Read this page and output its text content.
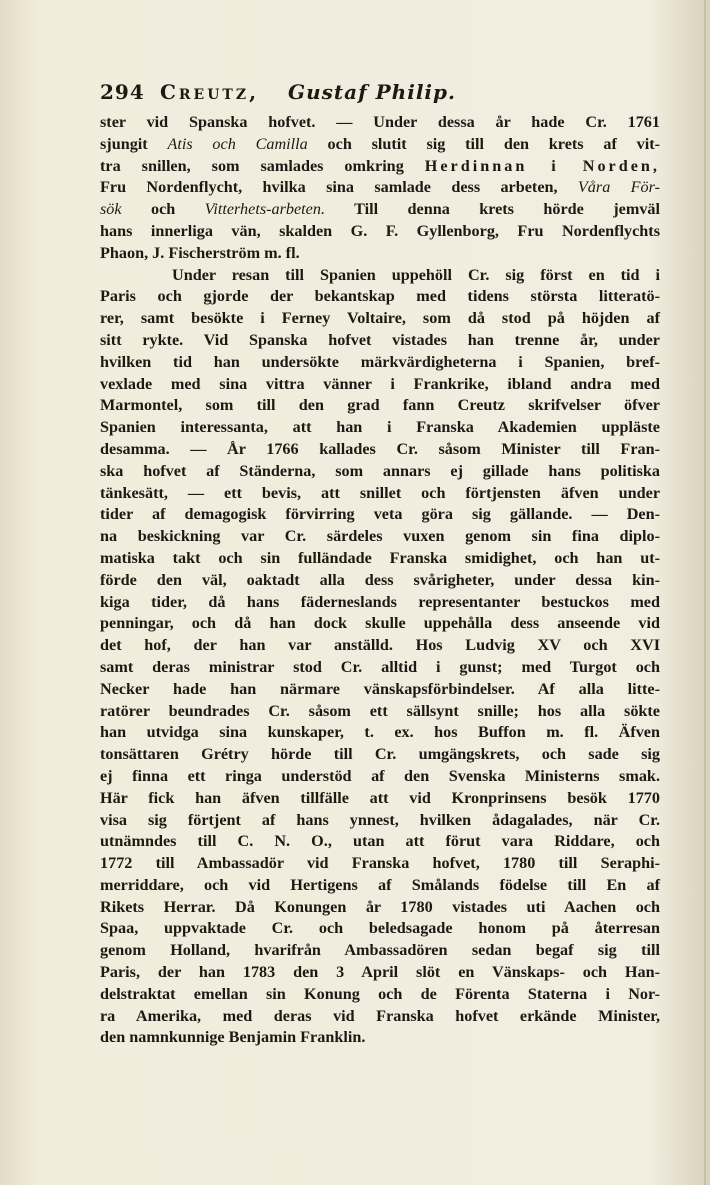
294 Creutz, Gustaf Philip.
ster vid Spanska hofvet. — Under dessa år hade Cr. 1761
sjungit Atis och Camilla och slutit sig till den krets af vit-
tra snillen, som samlades omkring Herdinnan i Norden,
Fru Nordenflycht, hvilka sina samlade dess arbeten, Våra För-
sök och Vitterhets-arbeten. Till denna krets hörde jemväl
hans innerliga vän, skalden G. F. Gyllenborg, Fru Nordenflychts
Phaon, J. Fischerström m. fl.
Under resan till Spanien uppehöll Cr. sig först en tid i
Paris och gjorde der bekantskap med tidens största litteratö-
rer, samt besökte i Ferney Voltaire, som då stod på höjden af
sitt rykte. Vid Spanska hofvet vistades han trenne år, under
hvilken tid han undersökte märkvärdigheterna i Spanien, bref-
vexlade med sina vittra vänner i Frankrike, ibland andra med
Marmontel, som till den grad fann Creutz skrifvelser öfver
Spanien interessanta, att han i Franska Akademien uppläste
desamma. — År 1766 kallades Cr. såsom Minister till Fran-
ska hofvet af Ständerna, som annars ej gillade hans politiska
tänkesätt, — ett bevis, att snillet och förtjensten äfven under
tider af demagogisk förvirring veta göra sig gällande. — Den-
na beskickning var Cr. särdeles vuxen genom sin fina diplo-
matiska takt och sin fulländade Franska smidighet, och han ut-
förde den väl, oaktadt alla dess svårigheter, under dessa kin-
kiga tider, då hans fäderneslands representanter bestuckos med
penningar, och då han dock skulle uppehålla dess anseende vid
det hof, der han var anställd. Hos Ludvig XV och XVI
samt deras ministrar stod Cr. alltid i gunst; med Turgot och
Necker hade han närmare vänskapsförbindelser. Af alla litte-
ratörer beundrades Cr. såsom ett sällsynt snille; hos alla sökte
han utvidga sina kunskaper, t. ex. hos Buffon m. fl. Äfven
tonsättaren Grétry hörde till Cr. umgängskrets, och sade sig
ej finna ett ringa understöd af den Svenska Ministerns smak.
Här fick han äfven tillfälle att vid Kronprinsens besök 1770
visa sig förtjent af hans ynnest, hvilken ådagalades, när Cr.
utnämndes till C. N. O., utan att förut vara Riddare, och
1772 till Ambassadör vid Franska hofvet, 1780 till Seraphi-
merriddare, och vid Hertigens af Smålands födelse till En af
Rikets Herrar. Då Konungen år 1780 vistades uti Aachen och
Spaa, uppvaktade Cr. och beledsagade honom på återresan
genom Holland, hvarifrån Ambassadören sedan begaf sig till
Paris, der han 1783 den 3 April slöt en Vänskaps- och Han-
delstraktat emellan sin Konung och de Förenta Staterna i Nor-
ra Amerika, med deras vid Franska hofvet erkände Minister,
den namnkunnige Benjamin Franklin.
